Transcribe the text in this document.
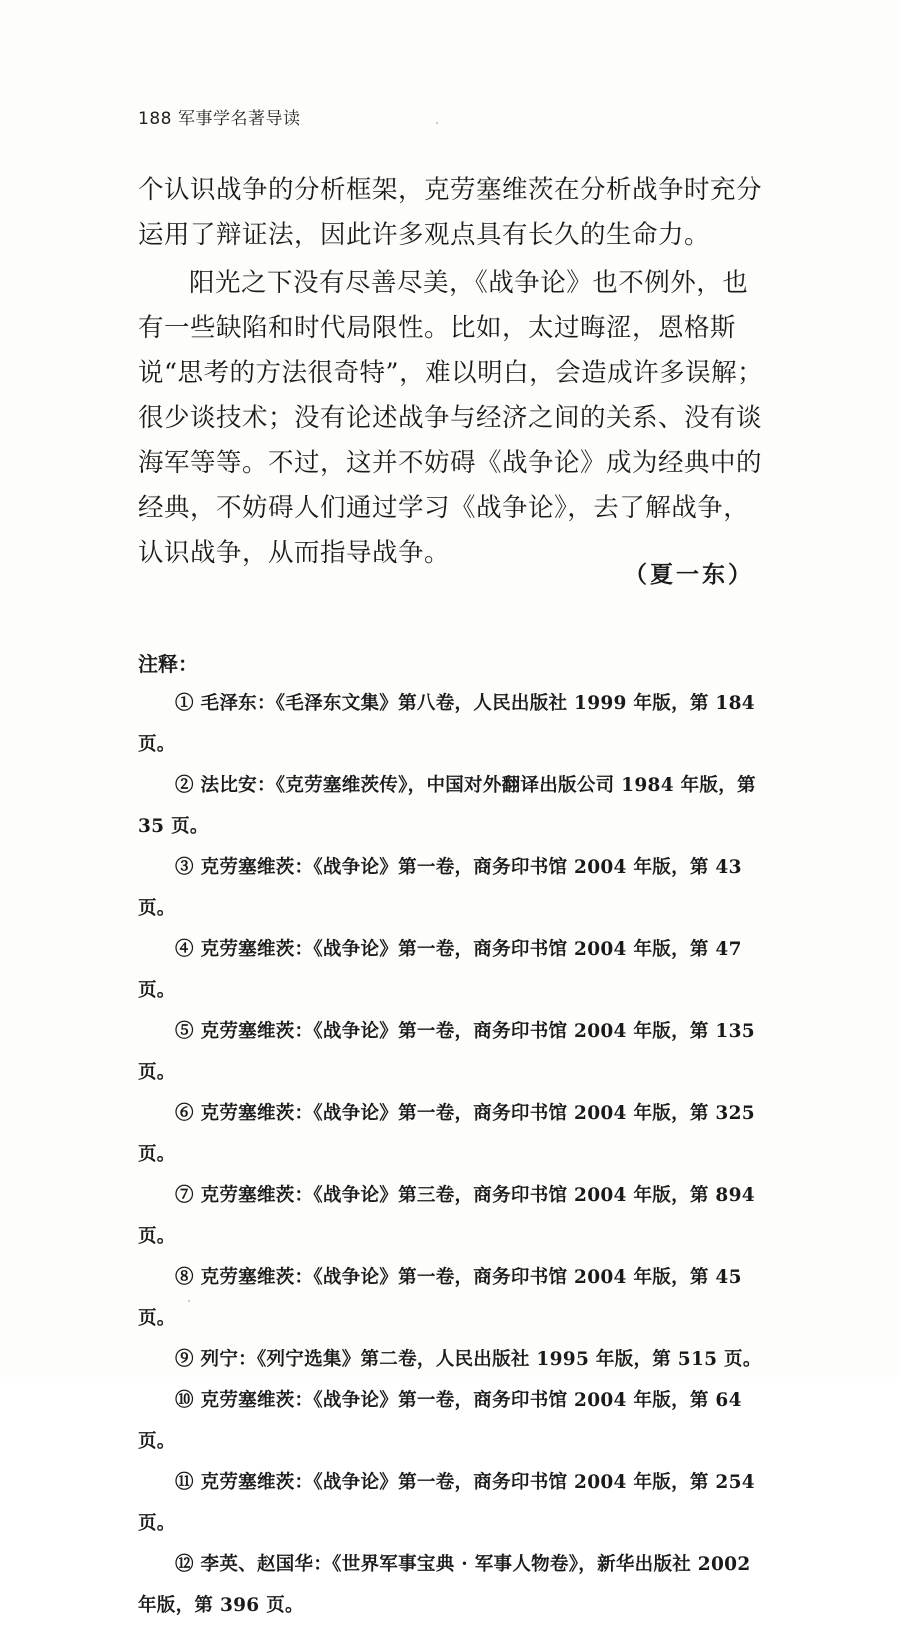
188 军事学名著导读

个认识战争的分析框架，克劳塞维茨在分析战争时充分运用了辩证法，因此许多观点具有长久的生命力。

阳光之下没有尽善尽美，《战争论》也不例外，也有一些缺陷和时代局限性。比如，太过晦涩，恩格斯说“思考的方法很奇特”，难以明白，会造成许多误解；很少谈技术；没有论述战争与经济之间的关系、没有谈海军等等。不过，这并不妨碍《战争论》成为经典中的经典，不妨碍人们通过学习《战争论》，去了解战争，认识战争，从而指导战争。

（夏一东）
注释：

① 毛泽东：《毛泽东文集》第八卷，人民出版社 1999 年版，第 184 页。

② 法比安：《克劳塞维茨传》，中国对外翻译出版公司 1984 年版，第 35 页。

③ 克劳塞维茨：《战争论》第一卷，商务印书馆 2004 年版，第 43 页。

④ 克劳塞维茨：《战争论》第一卷，商务印书馆 2004 年版，第 47 页。

⑤ 克劳塞维茨：《战争论》第一卷，商务印书馆 2004 年版，第 135 页。

⑥ 克劳塞维茨：《战争论》第一卷，商务印书馆 2004 年版，第 325 页。

⑦ 克劳塞维茨：《战争论》第三卷，商务印书馆 2004 年版，第 894 页。

⑧ 克劳塞维茨：《战争论》第一卷，商务印书馆 2004 年版，第 45 页。

⑨ 列宁：《列宁选集》第二卷，人民出版社 1995 年版，第 515 页。

⑩ 克劳塞维茨：《战争论》第一卷，商务印书馆 2004 年版，第 64 页。

⑪ 克劳塞维茨：《战争论》第一卷，商务印书馆 2004 年版，第 254 页。

⑫ 李英、赵国华：《世界军事宝典 · 军事人物卷》，新华出版社 2002 年版，第 396 页。
